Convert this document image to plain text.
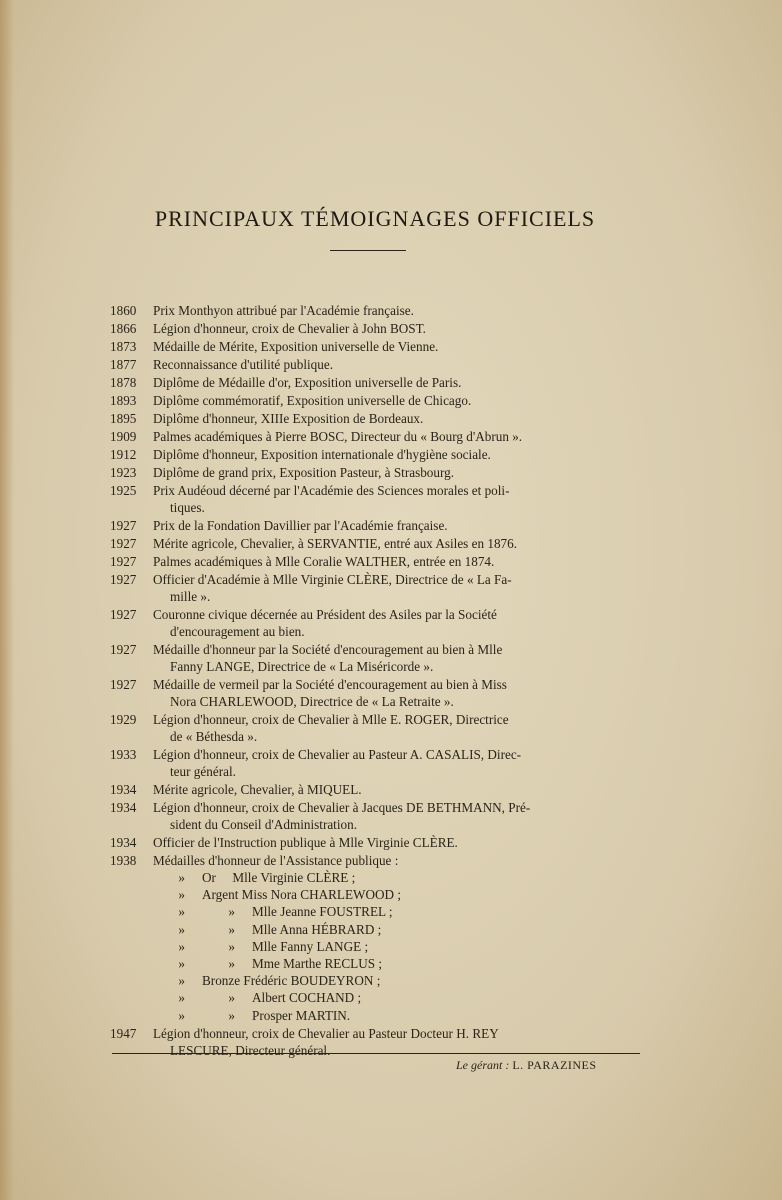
PRINCIPAUX TÉMOIGNAGES OFFICIELS
1860	Prix Monthyon attribué par l'Académie française.
1866	Légion d'honneur, croix de Chevalier à John BOST.
1873	Médaille de Mérite, Exposition universelle de Vienne.
1877	Reconnaissance d'utilité publique.
1878	Diplôme de Médaille d'or, Exposition universelle de Paris.
1893	Diplôme commémoratif, Exposition universelle de Chicago.
1895	Diplôme d'honneur, XIIIe Exposition de Bordeaux.
1909	Palmes académiques à Pierre BOSC, Directeur du « Bourg d'Abrun ».
1912	Diplôme d'honneur, Exposition internationale d'hygiène sociale.
1923	Diplôme de grand prix, Exposition Pasteur, à Strasbourg.
1925	Prix Audéoud décerné par l'Académie des Sciences morales et poli-
tiques.
1927	Prix de la Fondation Davillier par l'Académie française.
1927	Mérite agricole, Chevalier, à SERVANTIE, entré aux Asiles en 1876.
1927	Palmes académiques à Mlle Coralie WALTHER, entrée en 1874.
1927	Officier d'Académie à Mlle Virginie CLÈRE, Directrice de « La Fa-
mille ».
1927	Couronne civique décernée au Président des Asiles par la Société
d'encouragement au bien.
1927	Médaille d'honneur par la Société d'encouragement au bien à Mlle
Fanny LANGE, Directrice de « La Miséricorde ».
1927	Médaille de vermeil par la Société d'encouragement au bien à Miss
Nora CHARLEWOOD, Directrice de « La Retraite ».
1929	Légion d'honneur, croix de Chevalier à Mlle E. ROGER, Directrice
de « Béthesda ».
1933	Légion d'honneur, croix de Chevalier au Pasteur A. CASALIS, Direc-
teur général.
1934	Mérite agricole, Chevalier, à MIQUEL.
1934	Légion d'honneur, croix de Chevalier à Jacques DE BETHMANN, Pré-
sident du Conseil d'Administration.
1934	Officier de l'Instruction publique à Mlle Virginie CLÈRE.
1938	Médailles d'honneur de l'Assistance publique :
»	Or     Mlle Virginie CLÈRE ;
»	Argent Miss Nora CHARLEWOOD ;
»	»	Mlle Jeanne FOUSTREL ;
»	»	Mlle Anna HÉBRARD ;
»	»	Mlle Fanny LANGE ;
»	»	Mme Marthe RECLUS ;
»	Bronze Frédéric BOUDEYRON ;
»	»	Albert COCHAND ;
»	»	Prosper MARTIN.
1947	Légion d'honneur, croix de Chevalier au Pasteur Docteur H. REY
LESCURE, Directeur général.
Le gérant : L. PARAZINES
